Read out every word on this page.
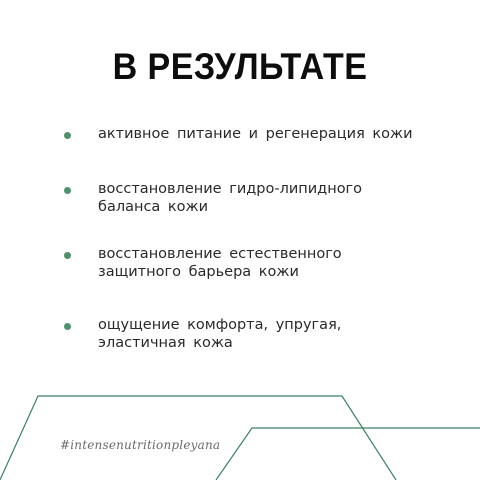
В РЕЗУЛЬТАТЕ
активное питание и регенерация кожи
восстановление гидро-липидного
баланса кожи
восстановление естественного
защитного барьера кожи
ощущение комфорта, упругая,
эластичная кожа
#intensenutritionpleyana
